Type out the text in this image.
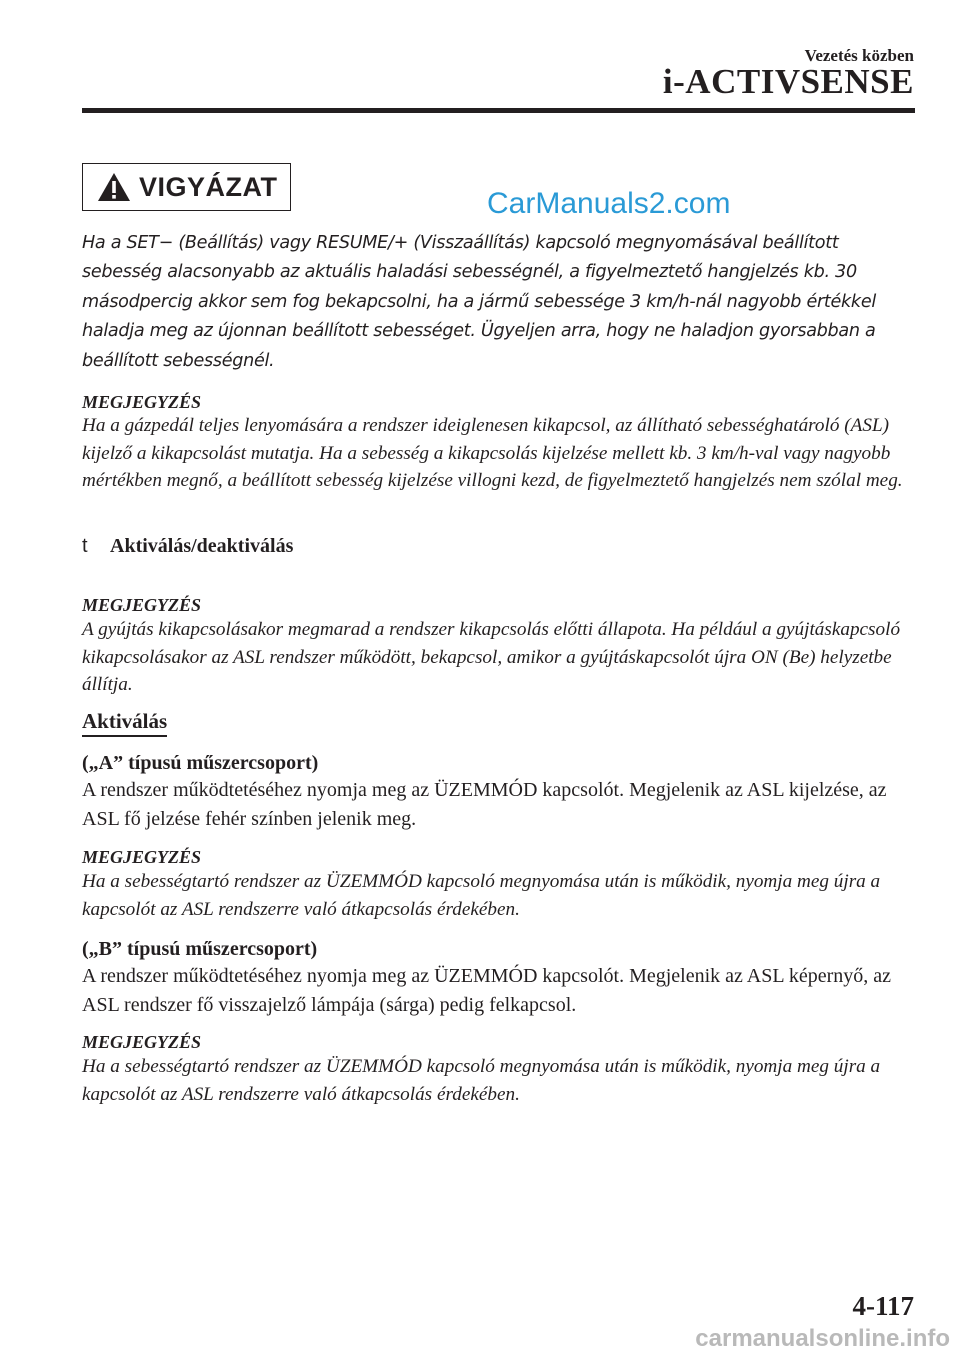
Vezetés közben
i-ACTIVSENSE
VIGYÁZAT
CarManuals2.com
Ha a SET− (Beállítás) vagy RESUME/+ (Visszaállítás) kapcsoló megnyomásával beállított sebesség alacsonyabb az aktuális haladási sebességnél, a figyelmeztető hangjelzés kb. 30 másodpercig akkor sem fog bekapcsolni, ha a jármű sebessége 3 km/h-nál nagyobb értékkel haladja meg az újonnan beállított sebességet. Ügyeljen arra, hogy ne haladjon gyorsabban a beállított sebességnél.
MEGJEGYZÉS
Ha a gázpedál teljes lenyomására a rendszer ideiglenesen kikapcsol, az állítható sebességhatároló (ASL) kijelző a kikapcsolást mutatja. Ha a sebesség a kikapcsolás kijelzése mellett kb. 3 km/h-val vagy nagyobb mértékben megnő, a beállított sebesség kijelzése villogni kezd, de figyelmeztető hangjelzés nem szólal meg.
t Aktiválás/deaktiválás
MEGJEGYZÉS
A gyújtás kikapcsolásakor megmarad a rendszer kikapcsolás előtti állapota. Ha például a gyújtáskapcsoló kikapcsolásakor az ASL rendszer működött, bekapcsol, amikor a gyújtáskapcsolót újra ON (Be) helyzetbe állítja.
Aktiválás
(„A” típusú műszercsoport)
A rendszer működtetéséhez nyomja meg az ÜZEMMÓD kapcsolót. Megjelenik az ASL kijelzése, az ASL fő jelzése fehér színben jelenik meg.
MEGJEGYZÉS
Ha a sebességtartó rendszer az ÜZEMMÓD kapcsoló megnyomása után is működik, nyomja meg újra a kapcsolót az ASL rendszerre való átkapcsolás érdekében.
(„B” típusú műszercsoport)
A rendszer működtetéséhez nyomja meg az ÜZEMMÓD kapcsolót. Megjelenik az ASL képernyő, az ASL rendszer fő visszajelző lámpája (sárga) pedig felkapcsol.
MEGJEGYZÉS
Ha a sebességtartó rendszer az ÜZEMMÓD kapcsoló megnyomása után is működik, nyomja meg újra a kapcsolót az ASL rendszerre való átkapcsolás érdekében.
4-117
carmanualsonline.info
